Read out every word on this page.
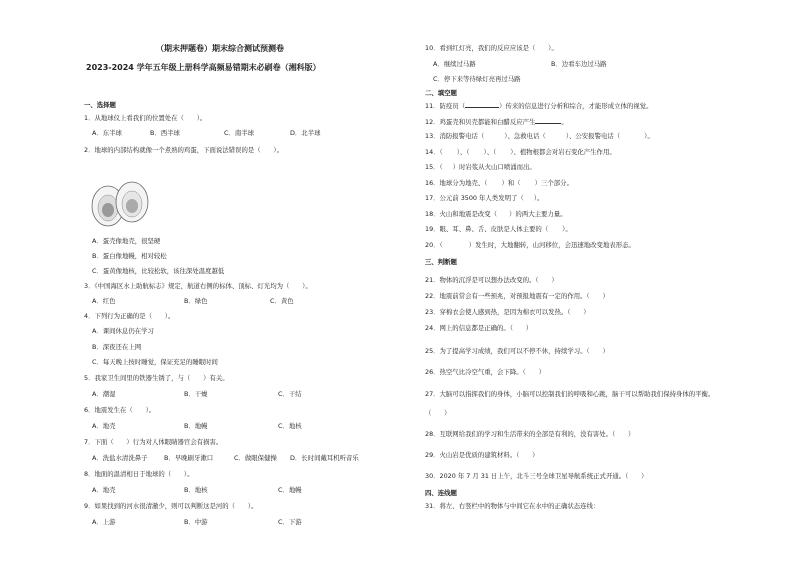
（期末押题卷）期末综合测试预测卷
2023-2024 学年五年级上册科学高频易错期末必刷卷（湘科版）
一、选择题
1．从地球仪上看我们的位置处在（　　）。
A．东半球	B．西半球	C．南半球	D．北半球
2．地球的内部结构就像一个煮熟的鸡蛋，下面说法错误的是（　　）。
A．蛋壳像地壳，很坚硬
B．蛋白像地幔，相对较松
C．蛋黄像地核，比较松软，该往深处温度越低
3．《中国海区水上助航标志》规定，航道右侧的标体、顶标、灯光均为（　　）。
A．红色	B．绿色	C．黄色
4．下列行为正确的是（　　）。
A．课间休息仍在学习
B．深夜还在上网
C．每天晚上按时睡觉，保证充足的睡眠时间
5．我家卫生间里的铁器生锈了，与（　　）有关。
A．潮湿	B．干燥	C．干结
6．地震发生在（　　）。
A．地壳	B．地幔	C．地核
7．下面（　　）行为对人体眼睛器官会有损害。
A．洗盐水清洗鼻子	B．早晚刷牙漱口	C．做眼保健操 D．长时间戴耳机听音乐
8．地面的温清相日于地球的（　　）。
A．地壳	B．地核	C．地幔
9．如果找到的河水很清澈少，则可以判断这是河的（　　）。
A．上游	B．中游	C．下游
10．看到红灯亮，我们的反应应该是（　　）。
A．继续过马路	B．边看车边过马路
C．停下来等待绿灯亮再过马路
二、填空题
11．防疫员（	）传来的信息进行分析和综合，才能形成立体的视觉。
12．鸡蛋壳和贝壳都能和白醋反应产生	。
13．消防报警电话（	）、急救电话（	）、公安报警电话（	）。
14．（ ）、（ ）、（ ）、植物根都会对岩石变化产生作用。
15．（ ）时岩浆从火山口喷涌而出。
16．地球分为地壳、（ ）和（ ）三个部分。
17．公元前 3500 年人类发明了（ ）。
18．火山和地震是改变（ ）的两大主要力量。
19．眼、耳、鼻、舌、皮肤是人体主要的（ ）。
20．（	）发生时，大地翻转，山河移位，会迅速地改变地表形态。
三、判断题
21．物体的沉浮是可以想办法改变的。（　　）
22．地震前常会有一些预兆，对预报地震有一定的作用。（　　）
23．穿棉衣会使人感到热，是因为棉衣可以发热。（　　）
24．网上的信息都是正确的。（　　）
25．为了提高学习成绩，我们可以不停不休，持续学习。（　　）
26．热空气比冷空气重，会下降。（　　）
27．大脑可以指挥我们的身体，小脑可以控制我们的呼吸和心跳，脑干可以帮助我们保持身体的平衡。
（　　）
28．互联网给我们的学习和生活带来的全部是有利的，没有害处。（　　）
29．火山岩是优质的建筑材料。（　　）
30．2020 年 7 月 31 日上午，北斗三号全球卫星导航系统正式开通。（　　）
四、连线题
31．将左、右竖栏中的物体与中间它在水中的正确状态连线：
